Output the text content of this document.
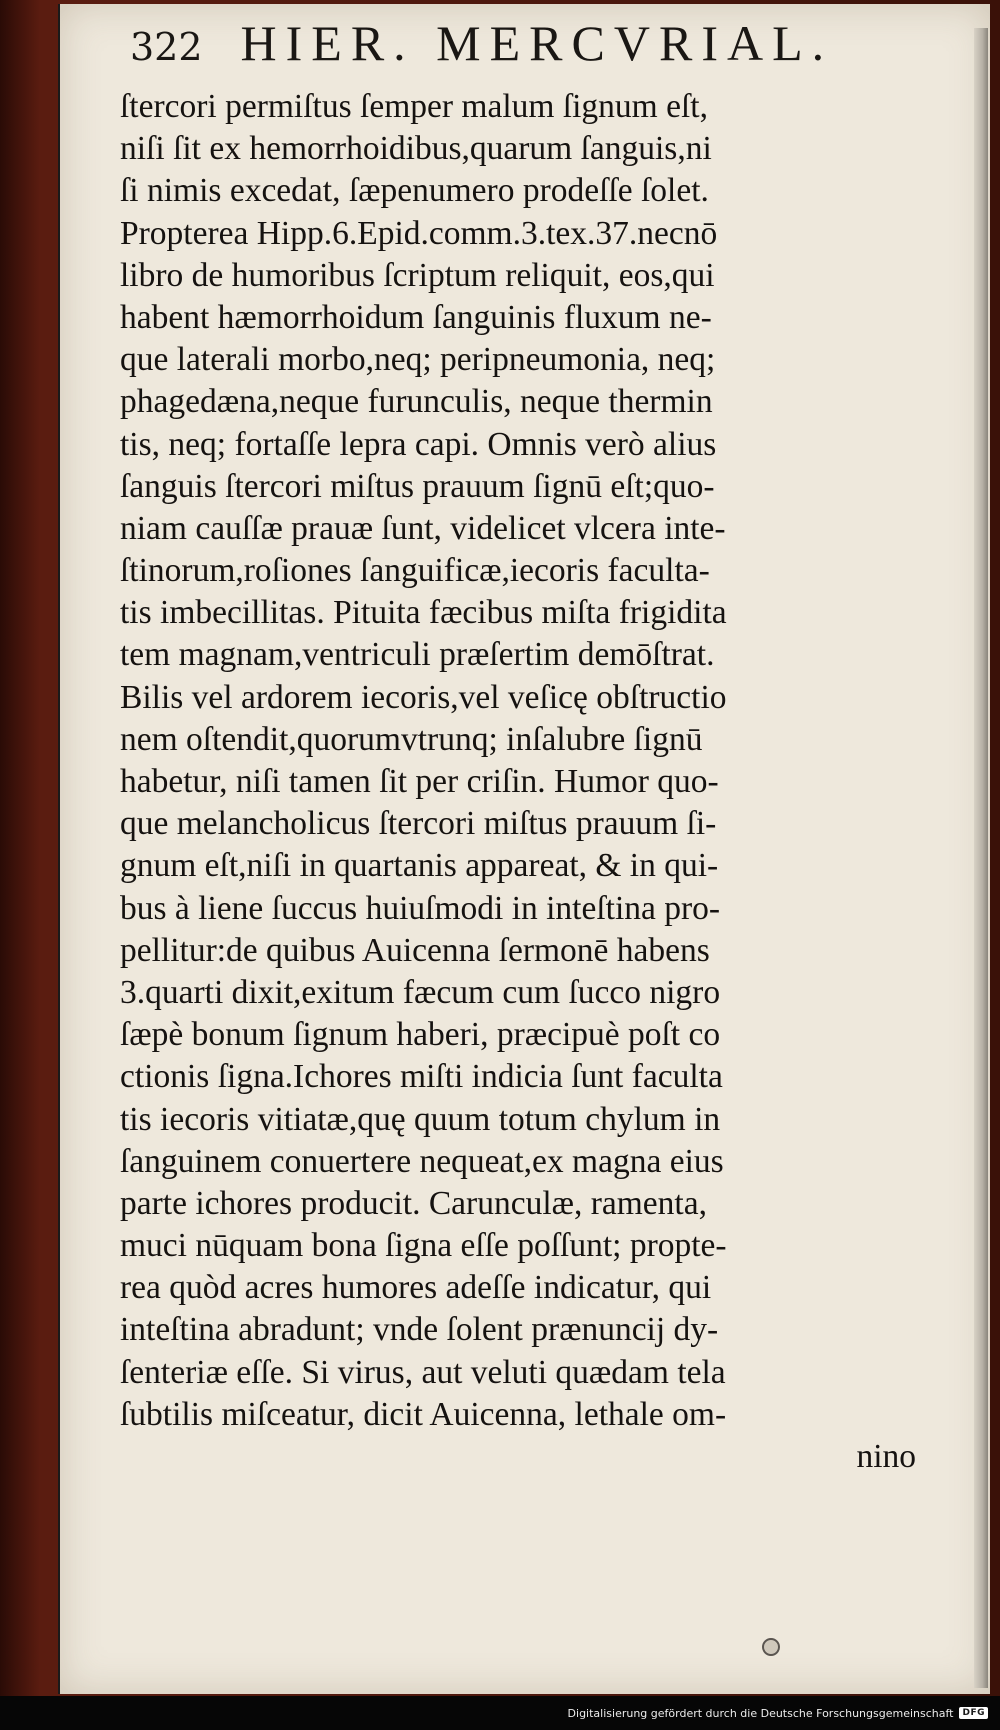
322 HIER. MERCVRIAL.
ſtercori permiſtus ſemper malum ſignum eſt,
niſi ſit ex hemorrhoidibus,quarum ſanguis,ni
ſi nimis excedat, ſæpenumero prodeſſe ſolet.
Propterea Hipp.6.Epid.comm.3.tex.37.necnō
libro de humoribus ſcriptum reliquit, eos,qui
habent hæmorrhoidum ſanguinis fluxum ne-
que laterali morbo,neq; peripneumonia, neq;
phagedæna,neque furunculis, neque thermin
tis, neq; fortaſſe lepra capi. Omnis verò alius
ſanguis ſtercori miſtus prauum ſignū eſt;quo-
niam cauſſæ prauæ ſunt, videlicet vlcera inte-
ſtinorum,roſiones ſanguificæ,iecoris faculta-
tis imbecillitas. Pituita fæcibus miſta frigidita
tem magnam,ventriculi præſertim demōſtrat.
Bilis vel ardorem iecoris,vel veſicę obſtructio
nem oſtendit,quorumvtrunq; inſalubre ſignū
habetur, niſi tamen ſit per criſin. Humor quo-
que melancholicus ſtercori miſtus prauum ſi-
gnum eſt,niſi in quartanis appareat, & in qui-
bus à liene ſuccus huiuſmodi in inteſtina pro-
pellitur:de quibus Auicenna ſermonē habens
3.quarti dixit,exitum fæcum cum ſucco nigro
ſæpè bonum ſignum haberi, præcipuè poſt co
ctionis ſigna.Ichores miſti indicia ſunt faculta
tis iecoris vitiatæ,quę quum totum chylum in
ſanguinem conuertere nequeat,ex magna eius
parte ichores producit. Carunculæ, ramenta,
muci nūquam bona ſigna eſſe poſſunt; propte-
rea quòd acres humores adeſſe indicatur, qui
inteſtina abradunt; vnde ſolent prænuncij dy-
ſenteriæ eſſe. Si virus, aut veluti quædam tela
ſubtilis miſceatur, dicit Auicenna, lethale om-
nino
Digitalisierung gefördert durch die Deutsche Forschungsgemeinschaft	DFG
